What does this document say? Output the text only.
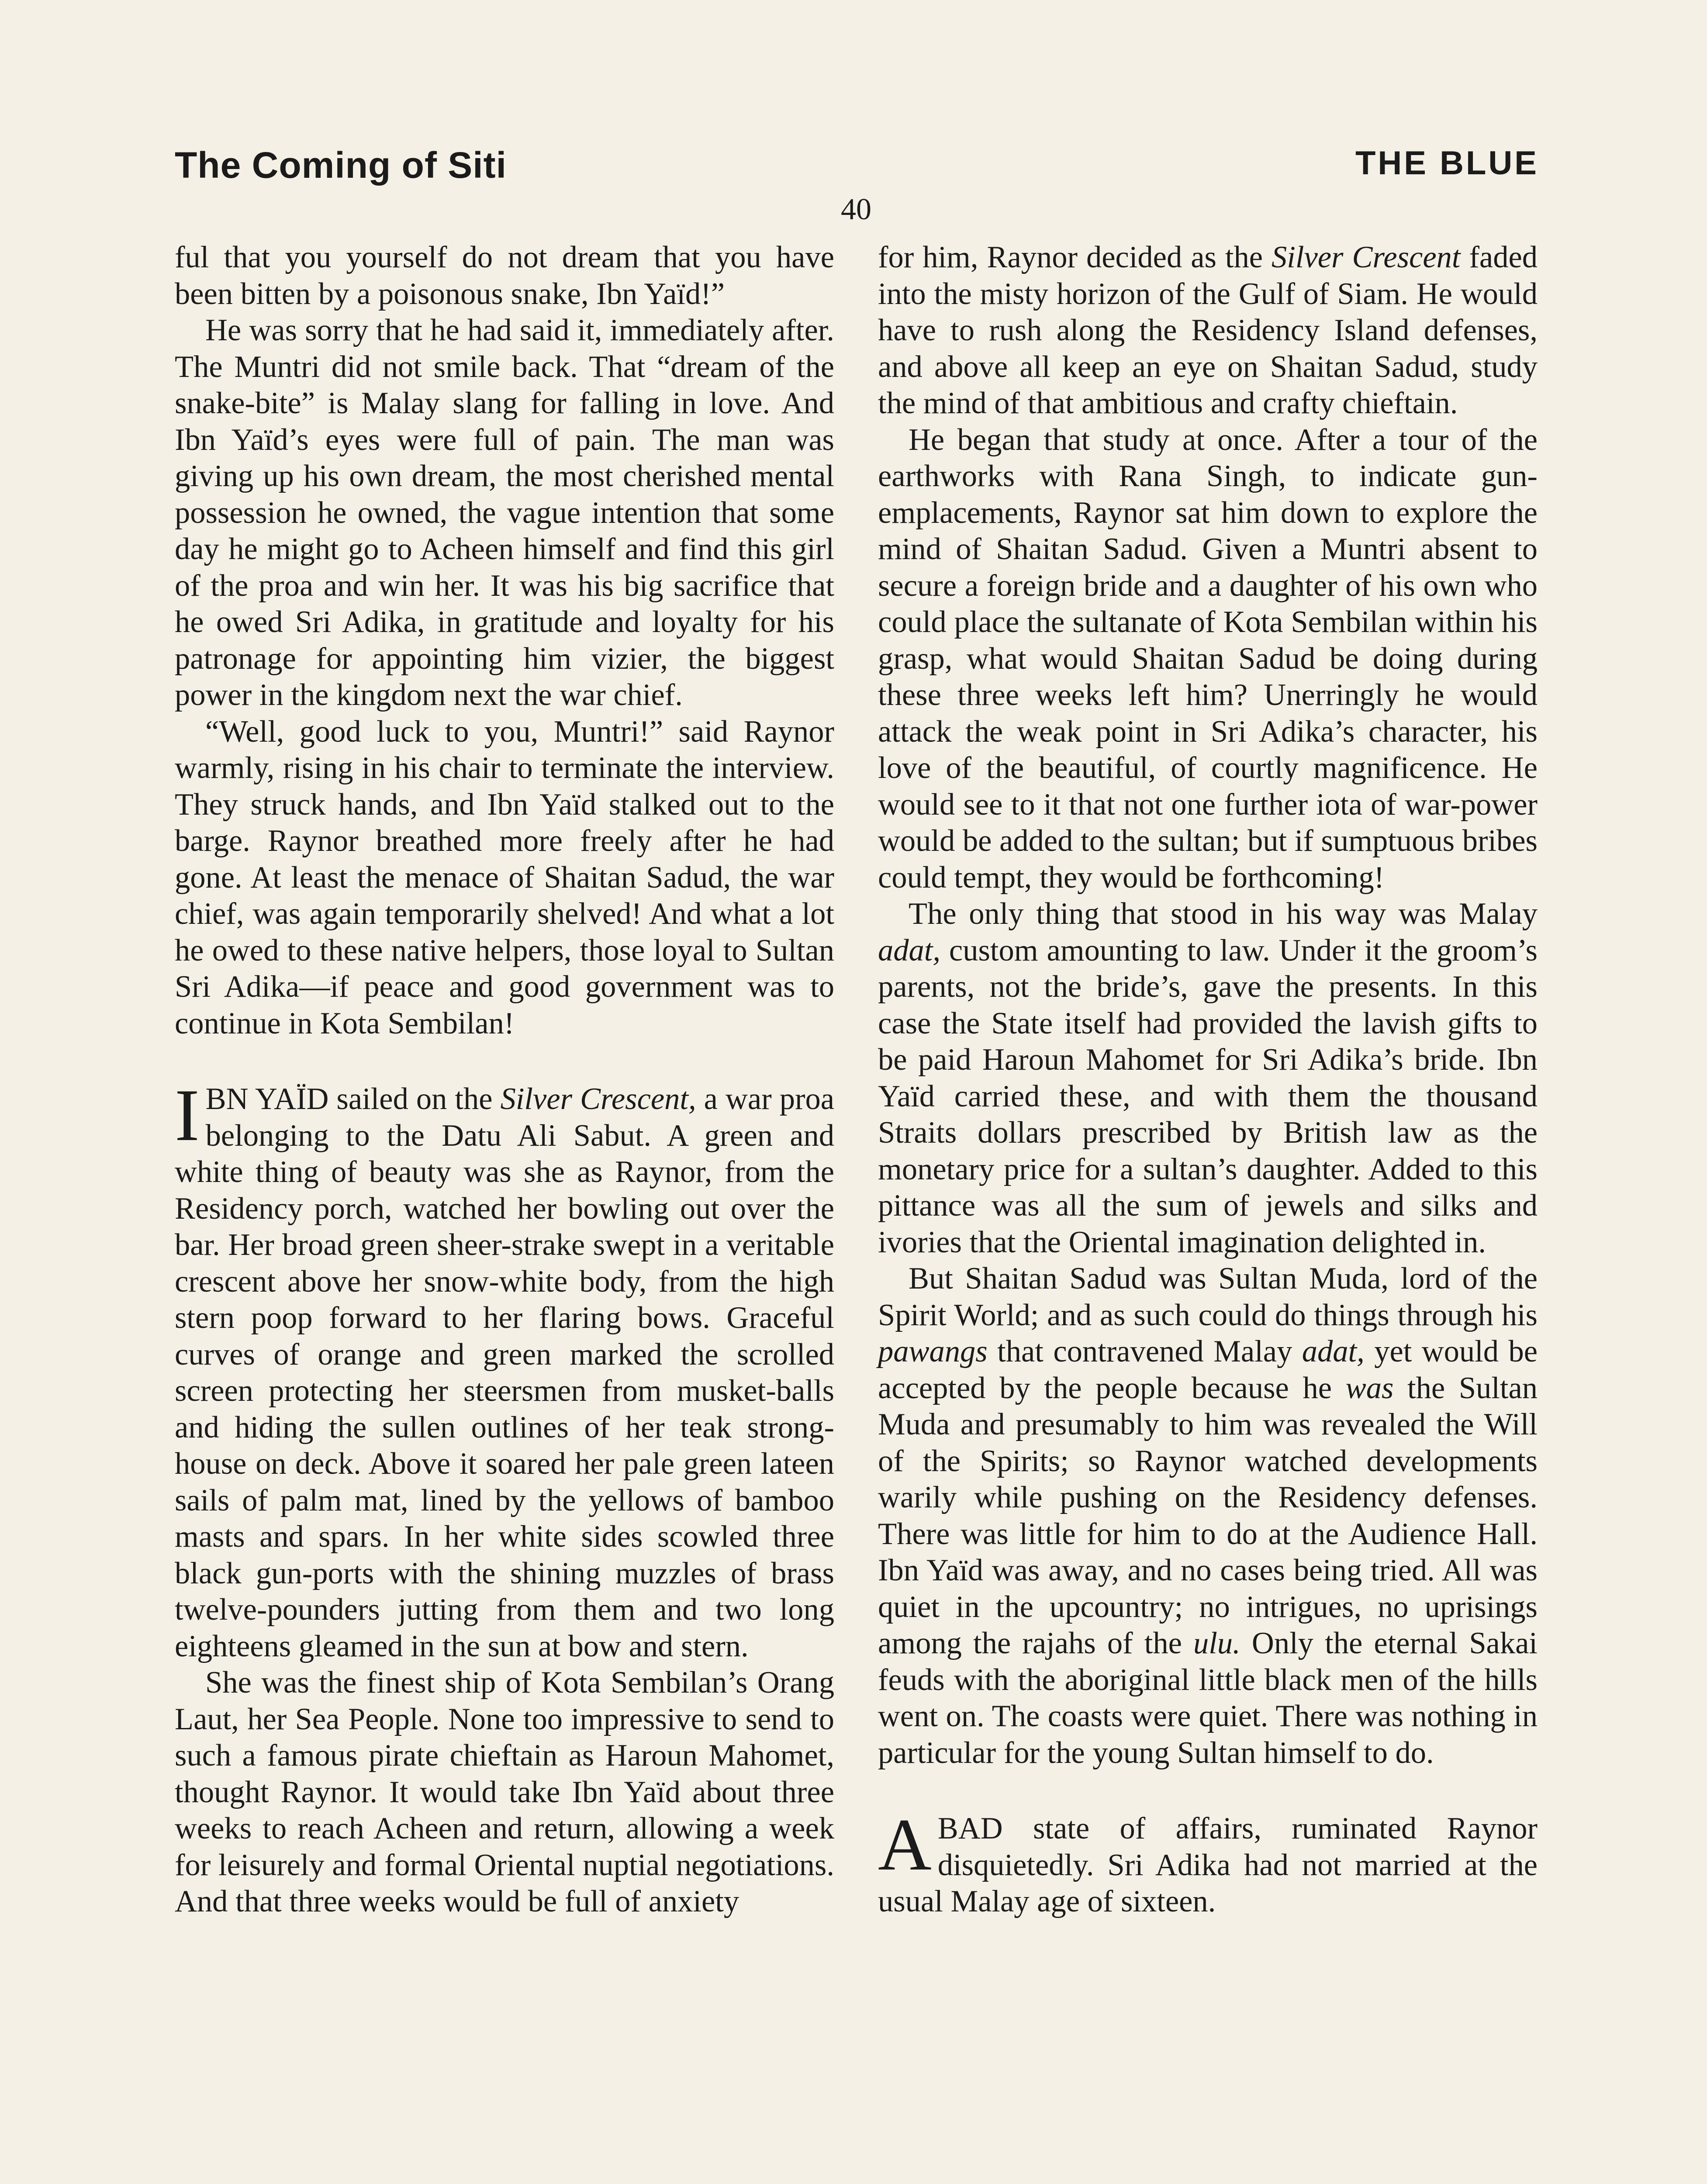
The Coming of Siti	THE BLUE
40

ful that you yourself do not dream that you have been bitten by a poisonous snake, Ibn Yaïd!”

He was sorry that he had said it, immediately after. The Muntri did not smile back. That “dream of the snake-bite” is Malay slang for falling in love. And Ibn Yaïd’s eyes were full of pain. The man was giving up his own dream, the most cherished mental possession he owned, the vague intention that some day he might go to Acheen himself and find this girl of the proa and win her. It was his big sacrifice that he owed Sri Adika, in gratitude and loyalty for his patronage for appointing him vizier, the biggest power in the kingdom next the war chief.

“Well, good luck to you, Muntri!” said Raynor warmly, rising in his chair to terminate the interview. They struck hands, and Ibn Yaïd stalked out to the barge. Raynor breathed more freely after he had gone. At least the menace of Shaitan Sadud, the war chief, was again temporarily shelved! And what a lot he owed to these native helpers, those loyal to Sultan Sri Adika—if peace and good government was to continue in Kota Sembilan!

IBN YAÏD sailed on the Silver Crescent, a war proa belonging to the Datu Ali Sabut. A green and white thing of beauty was she as Raynor, from the Residency porch, watched her bowling out over the bar. Her broad green sheer-strake swept in a veritable crescent above her snow-white body, from the high stern poop forward to her flaring bows. Graceful curves of orange and green marked the scrolled screen protecting her steersmen from musket-balls and hiding the sullen outlines of her teak strong-house on deck. Above it soared her pale green lateen sails of palm mat, lined by the yellows of bamboo masts and spars. In her white sides scowled three black gun-ports with the shining muzzles of brass twelve-pounders jutting from them and two long eighteens gleamed in the sun at bow and stern.

She was the finest ship of Kota Sembilan’s Orang Laut, her Sea People. None too impressive to send to such a famous pirate chieftain as Haroun Mahomet, thought Raynor. It would take Ibn Yaïd about three weeks to reach Acheen and return, allowing a week for leisurely and formal Oriental nuptial negotiations. And that three weeks would be full of anxiety

for him, Raynor decided as the Silver Crescent faded into the misty horizon of the Gulf of Siam. He would have to rush along the Residency Island defenses, and above all keep an eye on Shaitan Sadud, study the mind of that ambitious and crafty chieftain.

He began that study at once. After a tour of the earthworks with Rana Singh, to indicate gun-emplacements, Raynor sat him down to explore the mind of Shaitan Sadud. Given a Muntri absent to secure a foreign bride and a daughter of his own who could place the sultanate of Kota Sembilan within his grasp, what would Shaitan Sadud be doing during these three weeks left him? Unerringly he would attack the weak point in Sri Adika’s character, his love of the beautiful, of courtly magnificence. He would see to it that not one further iota of war-power would be added to the sultan; but if sumptuous bribes could tempt, they would be forthcoming!

The only thing that stood in his way was Malay adat, custom amounting to law. Under it the groom’s parents, not the bride’s, gave the presents. In this case the State itself had provided the lavish gifts to be paid Haroun Mahomet for Sri Adika’s bride. Ibn Yaïd carried these, and with them the thousand Straits dollars prescribed by British law as the monetary price for a sultan’s daughter. Added to this pittance was all the sum of jewels and silks and ivories that the Oriental imagination delighted in.

But Shaitan Sadud was Sultan Muda, lord of the Spirit World; and as such could do things through his pawangs that contravened Malay adat, yet would be accepted by the people because he was the Sultan Muda and presumably to him was revealed the Will of the Spirits; so Raynor watched developments warily while pushing on the Residency defenses. There was little for him to do at the Audience Hall. Ibn Yaïd was away, and no cases being tried. All was quiet in the upcountry; no intrigues, no uprisings among the rajahs of the ulu. Only the eternal Sakai feuds with the aboriginal little black men of the hills went on. The coasts were quiet. There was nothing in particular for the young Sultan himself to do.

ABAD state of affairs, ruminated Raynor disquietedly. Sri Adika had not married at the usual Malay age of sixteen.
